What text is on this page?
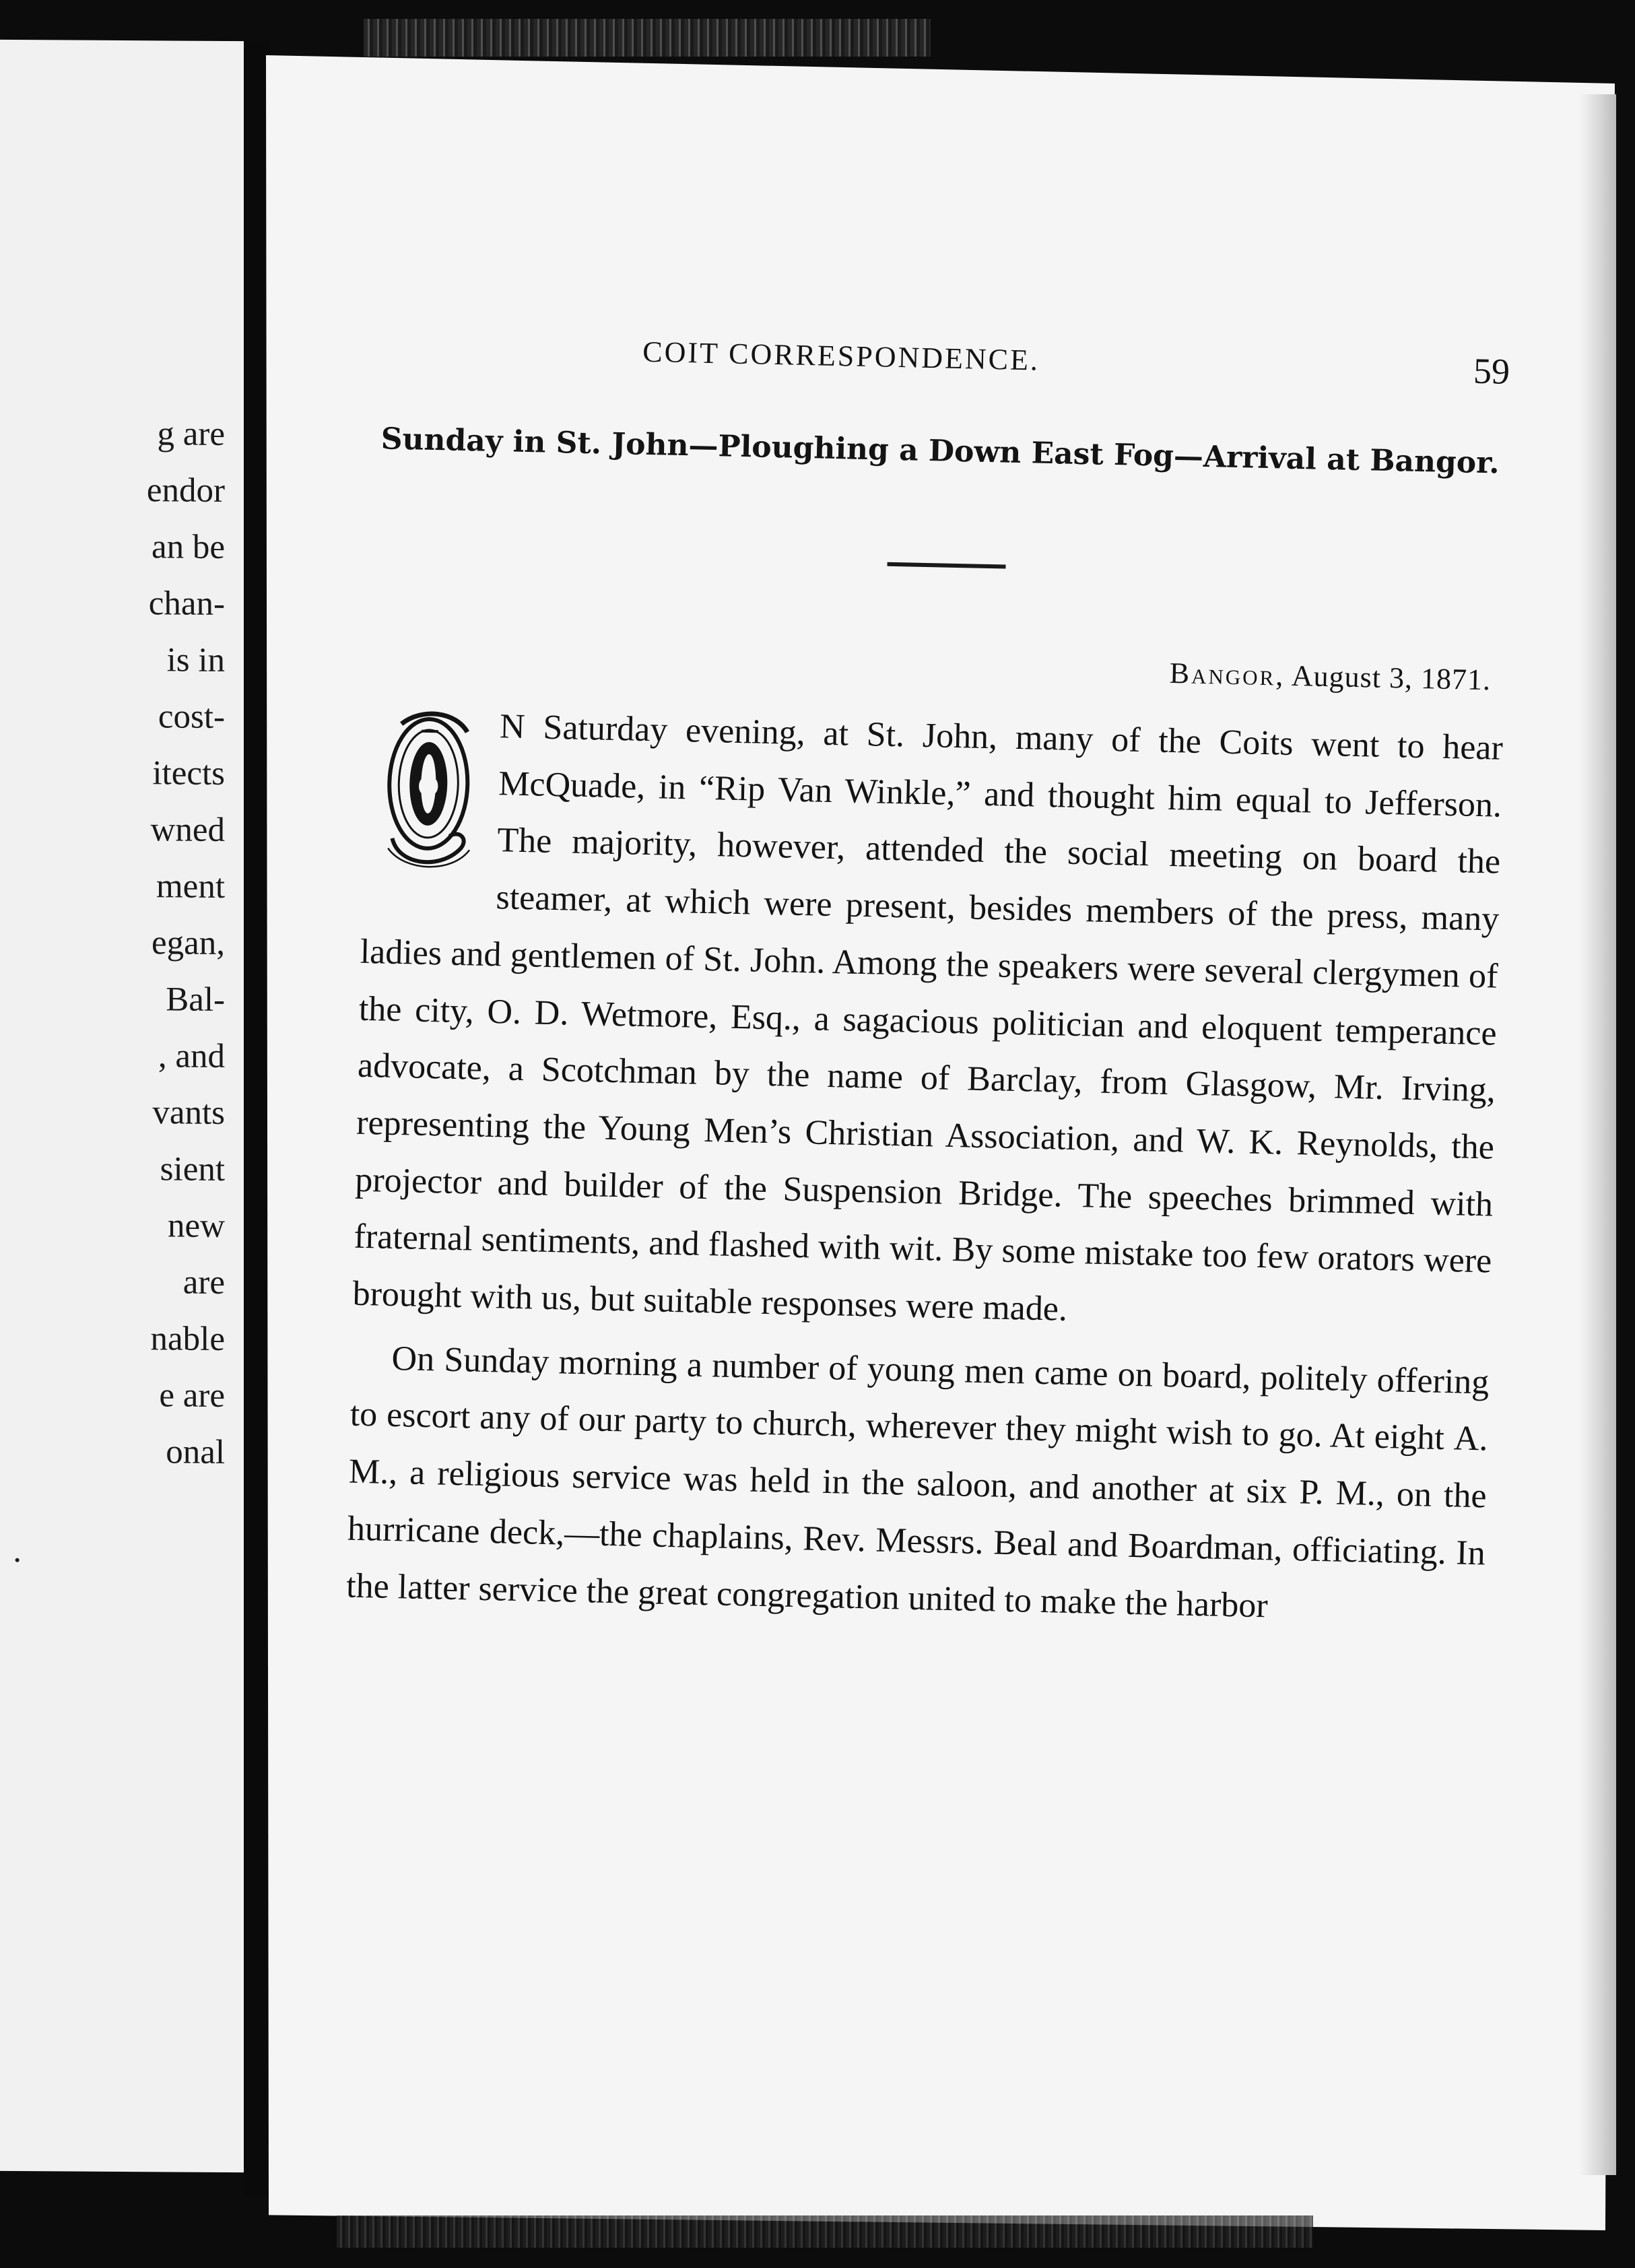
g are

endor

an be

chan-

is in

cost-

itects

wned

ment

egan,

Bal-

, and

vants

sient

new

are

nable

e are

onal

.

COIT CORRESPONDENCE.	59
Sunday in St. John—Ploughing a Down East Fog—Arrival at Bangor.
Bangor, August 3, 1871.
O

N Saturday evening, at St. John, many of the Coits went to hear McQuade, in “Rip Van Winkle,” and thought him equal to Jefferson. The majority, however, attended the social meeting on board the steamer, at which were present, besides members of the press, many ladies and gentlemen of St. John. Among the speakers were several clergymen of the city, O. D. Wetmore, Esq., a sagacious politician and eloquent temperance advocate, a Scotchman by the name of Barclay, from Glasgow, Mr. Irving, representing the Young Men’s Christian Association, and W. K. Reynolds, the projector and builder of the Suspension Bridge. The speeches brimmed with fraternal sentiments, and flashed with wit. By some mistake too few orators were brought with us, but suitable responses were made.

On Sunday morning a number of young men came on board, politely offering to escort any of our party to church, wherever they might wish to go. At eight A. M., a religious service was held in the saloon, and another at six P. M., on the hurricane deck,—the chaplains, Rev. Messrs. Beal and Boardman, officiating. In the latter service the great congregation united to make the harbor
